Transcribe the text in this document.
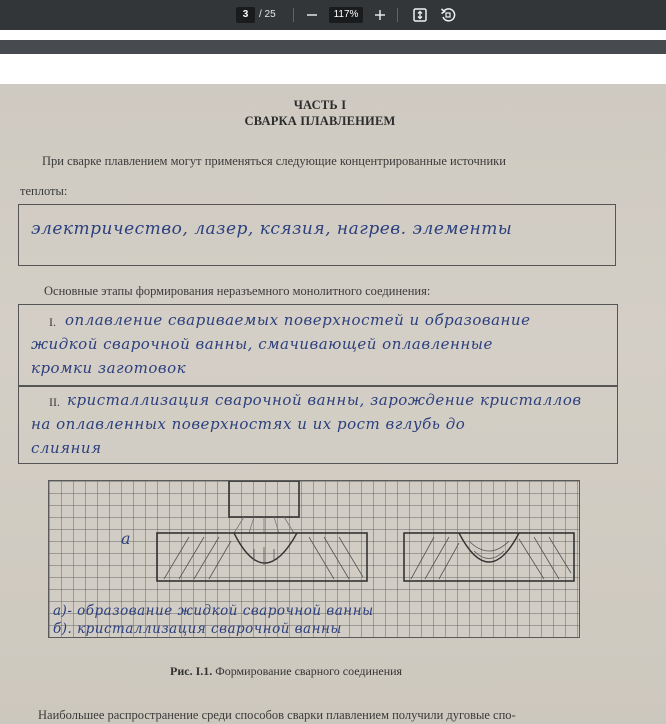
3	/ 25	117%
ЧАСТЬ I
СВАРКА ПЛАВЛЕНИЕМ
При сварке плавлением могут применяться следующие концентрированные источники
теплоты:
электричество, лазер, ксязия, нагрев. элементы
Основные этапы формирования неразъемного монолитного соединения:
I. оплавление свариваемых поверхностей и образование
жидкой сварочной ванны, смачивающей оплавленные
кромки заготовок
II. кристаллизация сварочной ванны, зарождение кристаллов
на оплавленных поверхностях и их рост вглубь до
слияния
а
а)- образование жидкой сварочной ванны
б). кристаллизация сварочной ванны
Рис. I.1. Формирование сварного соединения
Наибольшее распространение среди способов сварки плавлением получили дуговые спо-
